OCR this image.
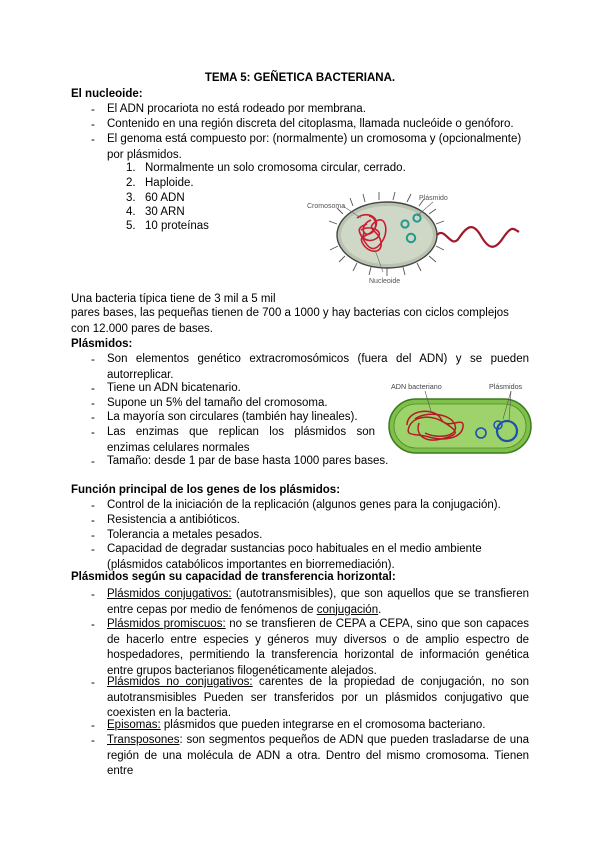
TEMA 5: GEÑETICA BACTERIANA.
El nucleoide:
- El ADN procariota no está rodeado por membrana.
- Contenido en una región discreta del citoplasma, llamada nucleóide o genóforo.
- El genoma está compuesto por: (normalmente) un cromosoma y (opcionalmente) por plásmidos.
1. Normalmente un solo cromosoma circular, cerrado.
2. Haploide.
3. 60 ADN
4. 30 ARN
5. 10 proteínas
Cromosoma
Plásmido
Nucleoide
Una bacteria típica tiene de 3 mil a 5 mil
pares bases, las pequeñas tienen de 700 a 1000 y hay bacterias con ciclos complejos con 12.000 pares de bases.
Plásmidos:
- Son elementos genético extracromosómicos (fuera del ADN) y se pueden autorreplicar.
- Tiene un ADN bicatenario.
- Supone un 5% del tamaño del cromosoma.
- La mayoría son circulares (también hay lineales).
- Las enzimas que replican los plásmidos son enzimas celulares normales
- Tamaño: desde 1 par de base hasta 1000 pares bases.
ADN bacteriano	Plásmidos
Función principal de los genes de los plásmidos:
- Control de la iniciación de la replicación (algunos genes para la conjugación).
- Resistencia a antibióticos.
- Tolerancia a metales pesados.
- Capacidad de degradar sustancias poco habituales en el medio ambiente (plásmidos catabólicos importantes en biorremediación).
Plásmidos según su capacidad de transferencia horizontal:
- Plásmidos conjugativos: (autotransmisibles), que son aquellos que se transfieren entre cepas por medio de fenómenos de conjugación.
- Plásmidos promiscuos: no se transfieren de CEPA a CEPA, sino que son capaces de hacerlo entre especies y géneros muy diversos o de amplio espectro de hospedadores, permitiendo la transferencia horizontal de información genética entre grupos bacterianos filogenéticamente alejados.
- Plásmidos no conjugativos: carentes de la propiedad de conjugación, no son autotransmisibles Pueden ser transferidos por un plásmidos conjugativo que coexisten en la bacteria.
- Episomas: plásmidos que pueden integrarse en el cromosoma bacteriano.
- Transposones: son segmentos pequeños de ADN que pueden trasladarse de una región de una molécula de ADN a otra. Dentro del mismo cromosoma. Tienen entre
